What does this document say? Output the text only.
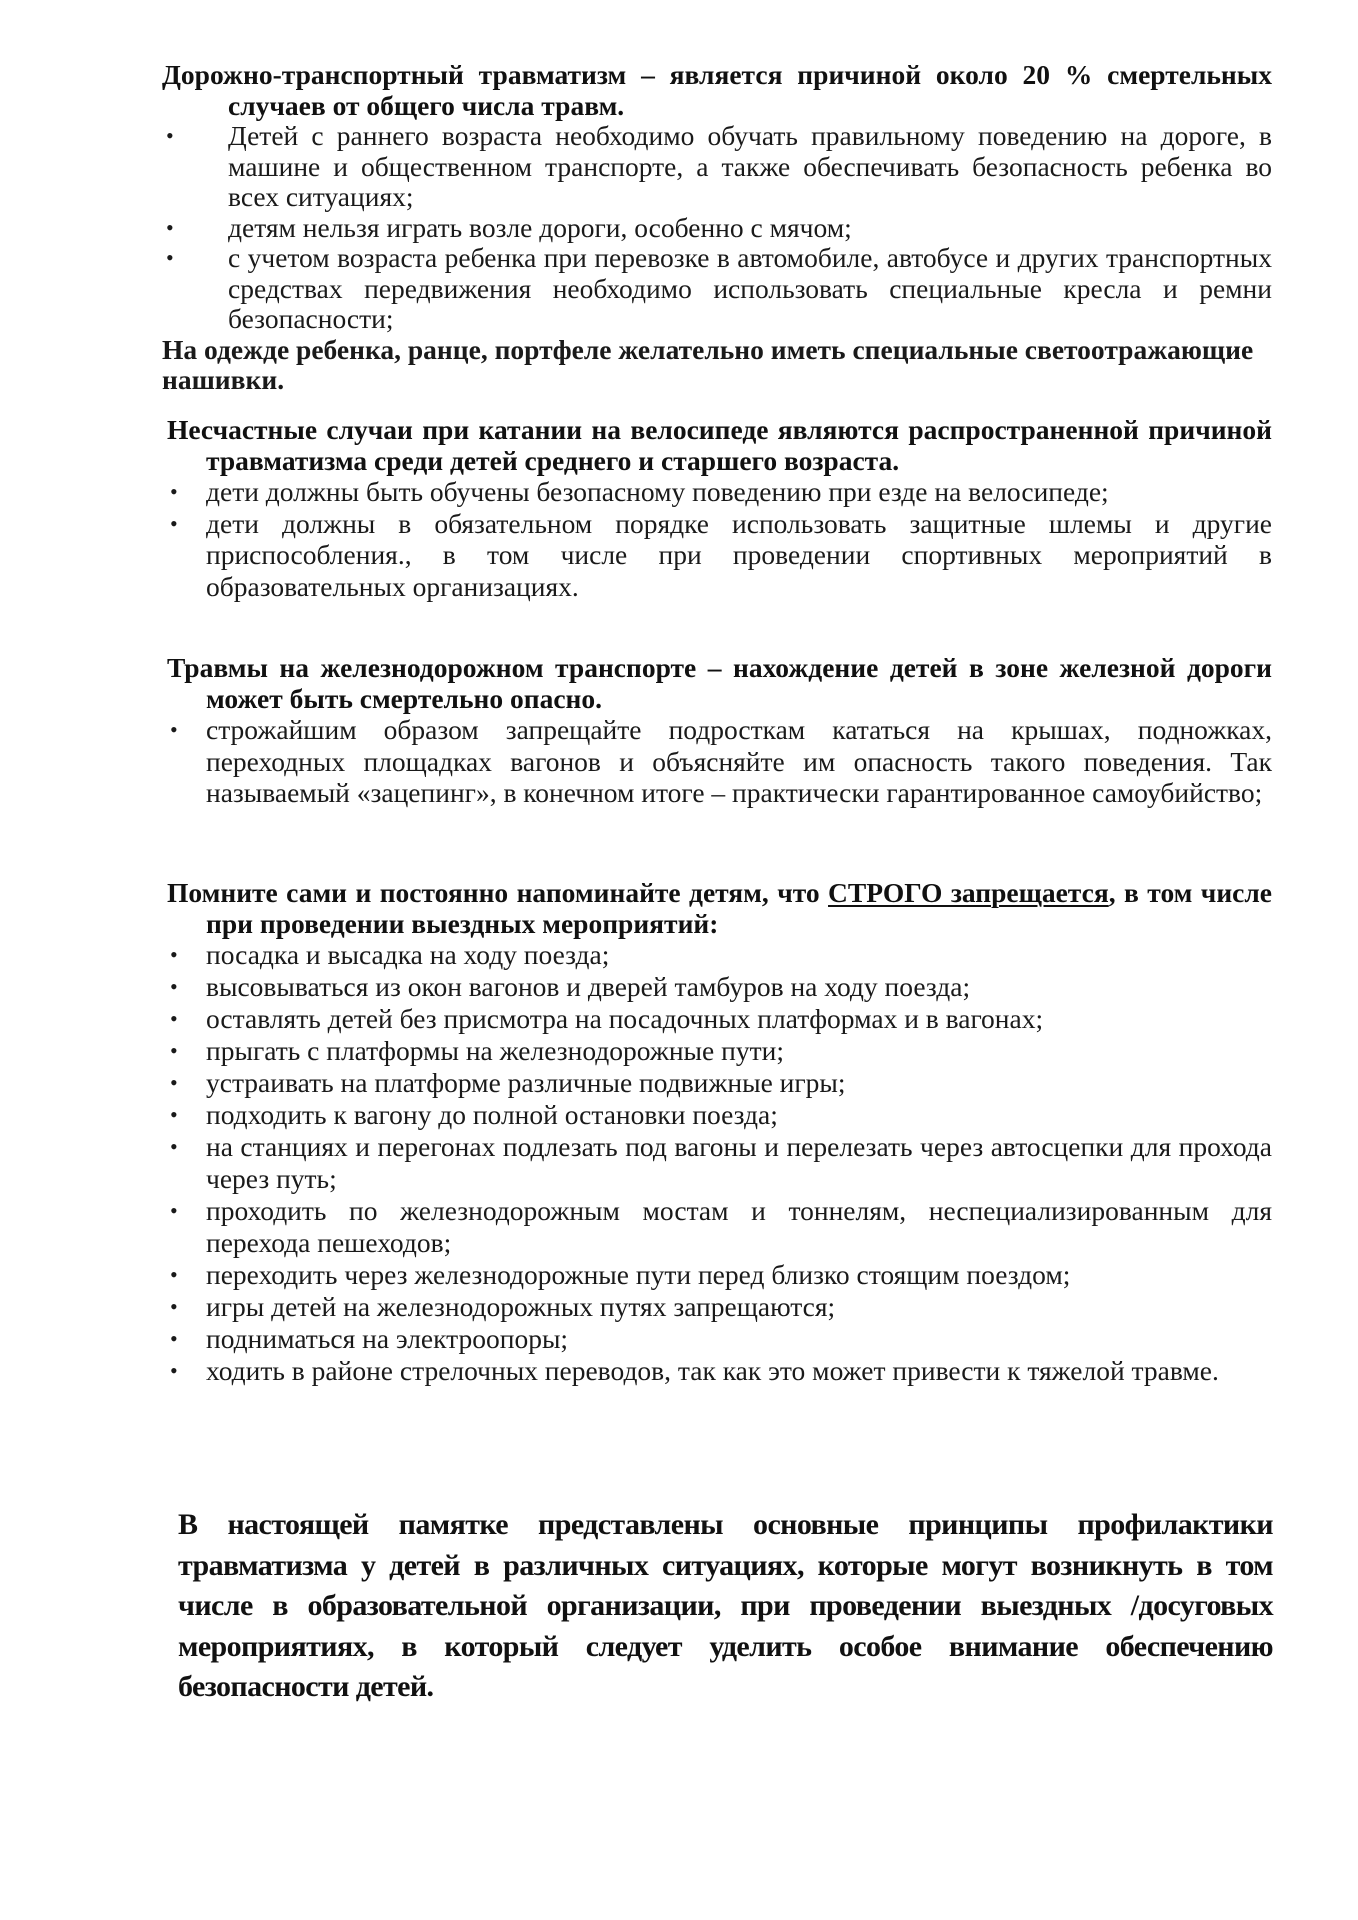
Дорожно-транспортный травматизм – является причиной около 20 % смертельных случаев от общего числа травм.

• Детей с раннего возраста необходимо обучать правильному поведению на дороге, в машине и общественном транспорте, а также обеспечивать безопасность ребенка во всех ситуациях;
• детям нельзя играть возле дороги, особенно с мячом;
• с учетом возраста ребенка при перевозке в автомобиле, автобусе и других транспортных средствах передвижения необходимо использовать специальные кресла и ремни безопасности;

На одежде ребенка, ранце, портфеле желательно иметь специальные светоотражающие нашивки.

Несчастные случаи при катании на велосипеде являются распространенной причиной травматизма среди детей среднего и старшего возраста.

• дети должны быть обучены безопасному поведению при езде на велосипеде;
• дети должны в обязательном порядке использовать защитные шлемы и другие приспособления., в том числе при проведении спортивных мероприятий в образовательных организациях.

Травмы на железнодорожном транспорте – нахождение детей в зоне железной дороги может быть смертельно опасно.

• строжайшим образом запрещайте подросткам кататься на крышах, подножках, переходных площадках вагонов и объясняйте им опасность такого поведения. Так называемый «зацепинг», в конечном итоге – практически гарантированное самоубийство;

Помните сами и постоянно напоминайте детям, что СТРОГО запрещается, в том числе при проведении выездных мероприятий:

• посадка и высадка на ходу поезда;
• высовываться из окон вагонов и дверей тамбуров на ходу поезда;
• оставлять детей без присмотра на посадочных платформах и в вагонах;
• прыгать с платформы на железнодорожные пути;
• устраивать на платформе различные подвижные игры;
• подходить к вагону до полной остановки поезда;
• на станциях и перегонах подлезать под вагоны и перелезать через автосцепки для прохода через путь;
• проходить по железнодорожным мостам и тоннелям, неспециализированным для перехода пешеходов;
• переходить через железнодорожные пути перед близко стоящим поездом;
• игры детей на железнодорожных путях запрещаются;
• подниматься на электроопоры;
• ходить в районе стрелочных переводов, так как это может привести к тяжелой травме.

В настоящей памятке представлены основные принципы профилактики травматизма у детей в различных ситуациях, которые могут возникнуть в том числе в образовательной организации, при проведении выездных /досуговых мероприятиях, в который следует уделить особое внимание обеспечению безопасности детей.
